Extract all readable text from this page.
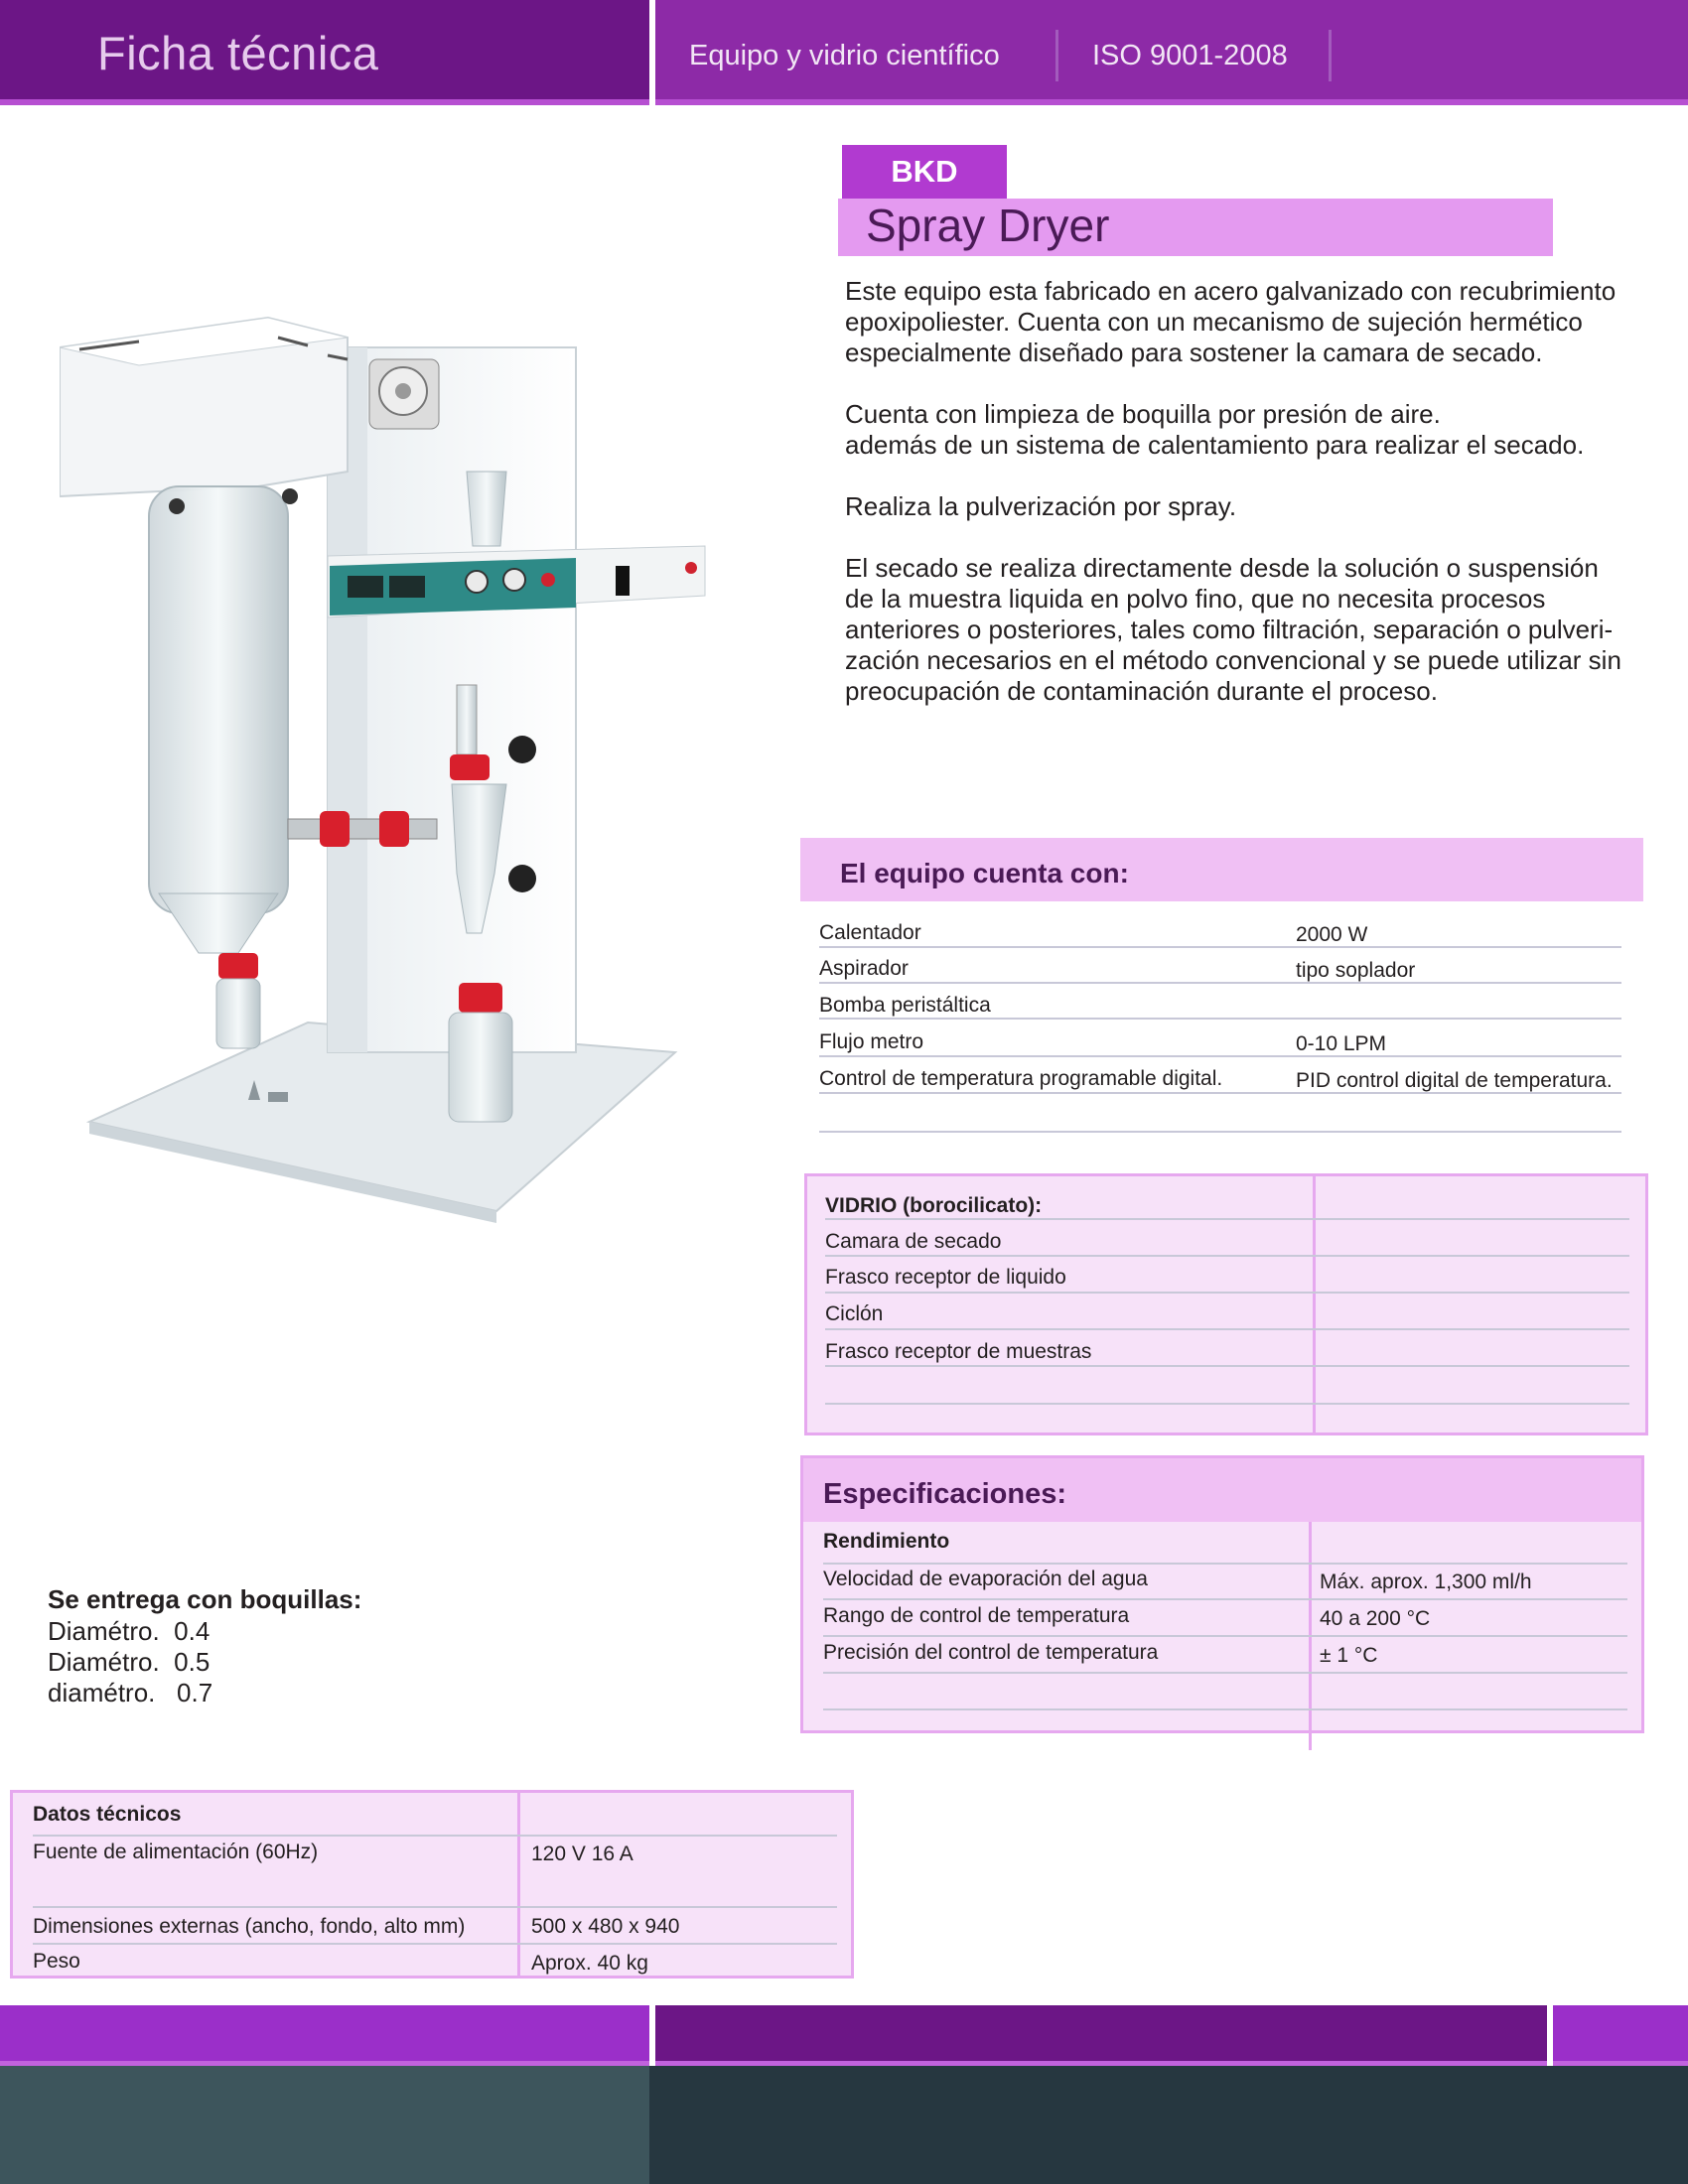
Ficha técnica	Equipo y vidrio científico	ISO 9001-2008
BKD
Spray Dryer

Este equipo esta fabricado en acero galvanizado con recubrimiento
epoxipoliester. Cuenta con un mecanismo de sujeción hermético
especialmente diseñado para sostener la camara de secado.

Cuenta con limpieza de boquilla por presión de aire.
además de un sistema de calentamiento para realizar el secado.

Realiza la pulverización por spray.

El secado se realiza directamente desde la solución o suspensión
de la muestra liquida en polvo fino, que no necesita procesos
anteriores o posteriores, tales como filtración, separación o pulveri-
zación necesarios en el método convencional y se puede utilizar sin
preocupación de contaminación durante el proceso.

El equipo cuenta con:
Calentador	2000 W
Aspirador	tipo soplador
Bomba peristáltica
Flujo metro	0-10 LPM
Control de temperatura programable digital.	PID control digital de temperatura.
VIDRIO (borocilicato):
Camara de secado
Frasco receptor de liquido
Ciclón
Frasco receptor de muestras
Especificaciones:
Rendimiento
Velocidad de evaporación del agua	Máx. aprox. 1,300 ml/h
Rango de control de temperatura	40 a 200 °C
Precisión del control de temperatura	± 1 °C
Se entrega con boquillas:
Diamétro.  0.4
Diamétro.  0.5
diamétro.   0.7
Datos técnicos
Fuente de alimentación (60Hz)	120 V 16 A
Dimensiones externas (ancho, fondo, alto mm)	500 x 480 x 940
Peso	Aprox. 40 kg
